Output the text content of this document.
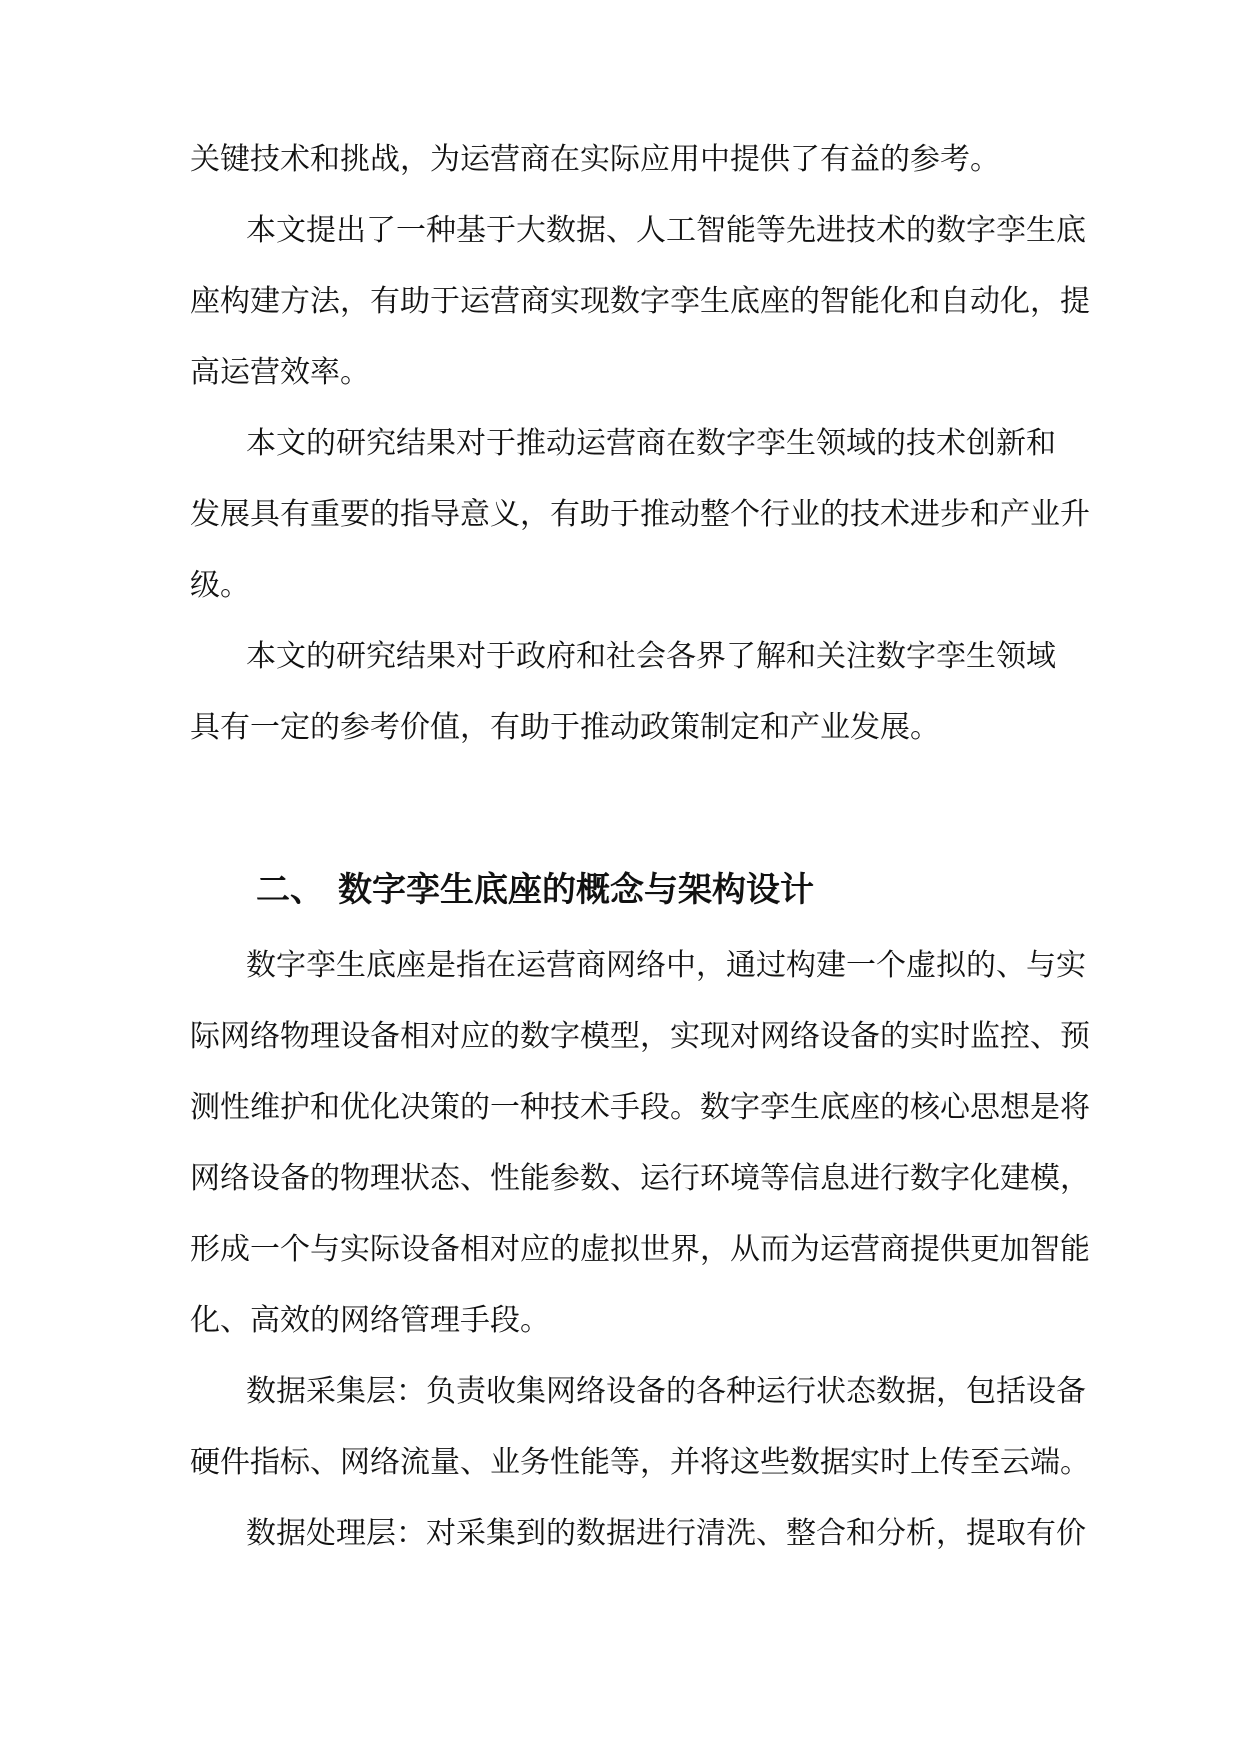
关键技术和挑战，为运营商在实际应用中提供了有益的参考。
本文提出了一种基于大数据、人工智能等先进技术的数字孪生底
座构建方法，有助于运营商实现数字孪生底座的智能化和自动化，提
高运营效率。
本文的研究结果对于推动运营商在数字孪生领域的技术创新和
发展具有重要的指导意义，有助于推动整个行业的技术进步和产业升
级。
本文的研究结果对于政府和社会各界了解和关注数字孪生领域
具有一定的参考价值，有助于推动政策制定和产业发展。
二、 数字孪生底座的概念与架构设计
数字孪生底座是指在运营商网络中，通过构建一个虚拟的、与实
际网络物理设备相对应的数字模型，实现对网络设备的实时监控、预
测性维护和优化决策的一种技术手段。数字孪生底座的核心思想是将
网络设备的物理状态、性能参数、运行环境等信息进行数字化建模，
形成一个与实际设备相对应的虚拟世界，从而为运营商提供更加智能
化、高效的网络管理手段。
数据采集层：负责收集网络设备的各种运行状态数据，包括设备
硬件指标、网络流量、业务性能等，并将这些数据实时上传至云端。
数据处理层：对采集到的数据进行清洗、整合和分析，提取有价
